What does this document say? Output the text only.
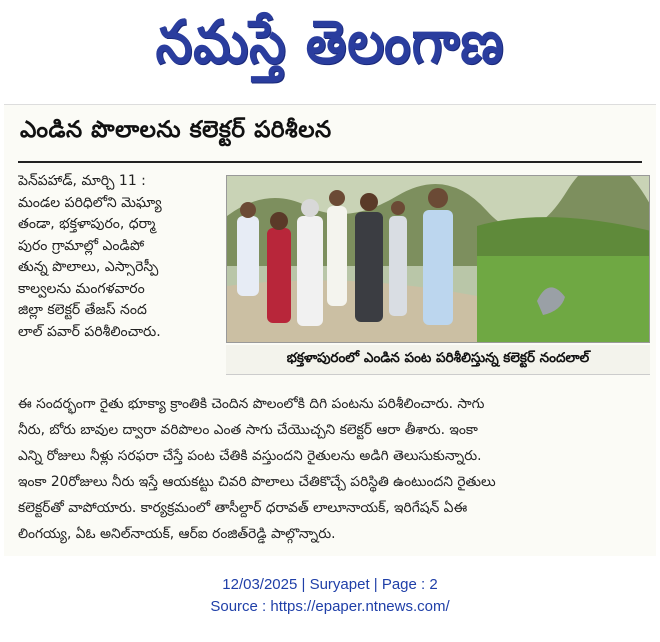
నమస్తే తెలంగాణ
ఎండిన పొలాలను కలెక్టర్ పరిశీలన
పెన్‌పహాడ్, మార్చి 11 :
మండల పరిధిలోని మెఘ్యా
తండా, భక్తళాపురం, ధర్మా
పురం గ్రామాల్లో ఎండిపో
తున్న పొలాలు, ఎస్సారెస్పీ
కాల్వలను మంగళవారం
జిల్లా కలెక్టర్ తేజస్ నంద
లాల్ పవార్ పరిశీలించారు.
భక్తళాపురంలో ఎండిన పంట పరిశీలిస్తున్న కలెక్టర్ నందలాల్
ఈ సందర్భంగా రైతు భూక్యా క్రాంతికి చెందిన పొలంలోకి దిగి పంటను పరిశీలించారు. సాగు
నీరు, బోరు బావుల ద్వారా వరిపొలం ఎంత సాగు చేయొచ్చని కలెక్టర్ ఆరా తీశారు. ఇంకా
ఎన్ని రోజులు నీళ్లు సరఫరా చేస్తే పంట చేతికి వస్తుందని రైతులను అడిగి తెలుసుకున్నారు.
ఇంకా 20రోజులు నీరు ఇస్తే ఆయకట్టు చివరి పొలాలు చేతికొచ్చే పరిస్థితి ఉంటుందని రైతులు
కలెక్టర్‌తో వాపోయారు. కార్యక్రమంలో తాసీల్దార్ ధరావత్ లాలూనాయక్, ఇరిగేషన్ ఏఈ
లింగయ్య, ఏఓ అనిల్‌నాయక్, ఆర్ఐ రంజిత్‌రెడ్డి పాల్గొన్నారు.
12/03/2025 | Suryapet | Page : 2
Source : https://epaper.ntnews.com/
